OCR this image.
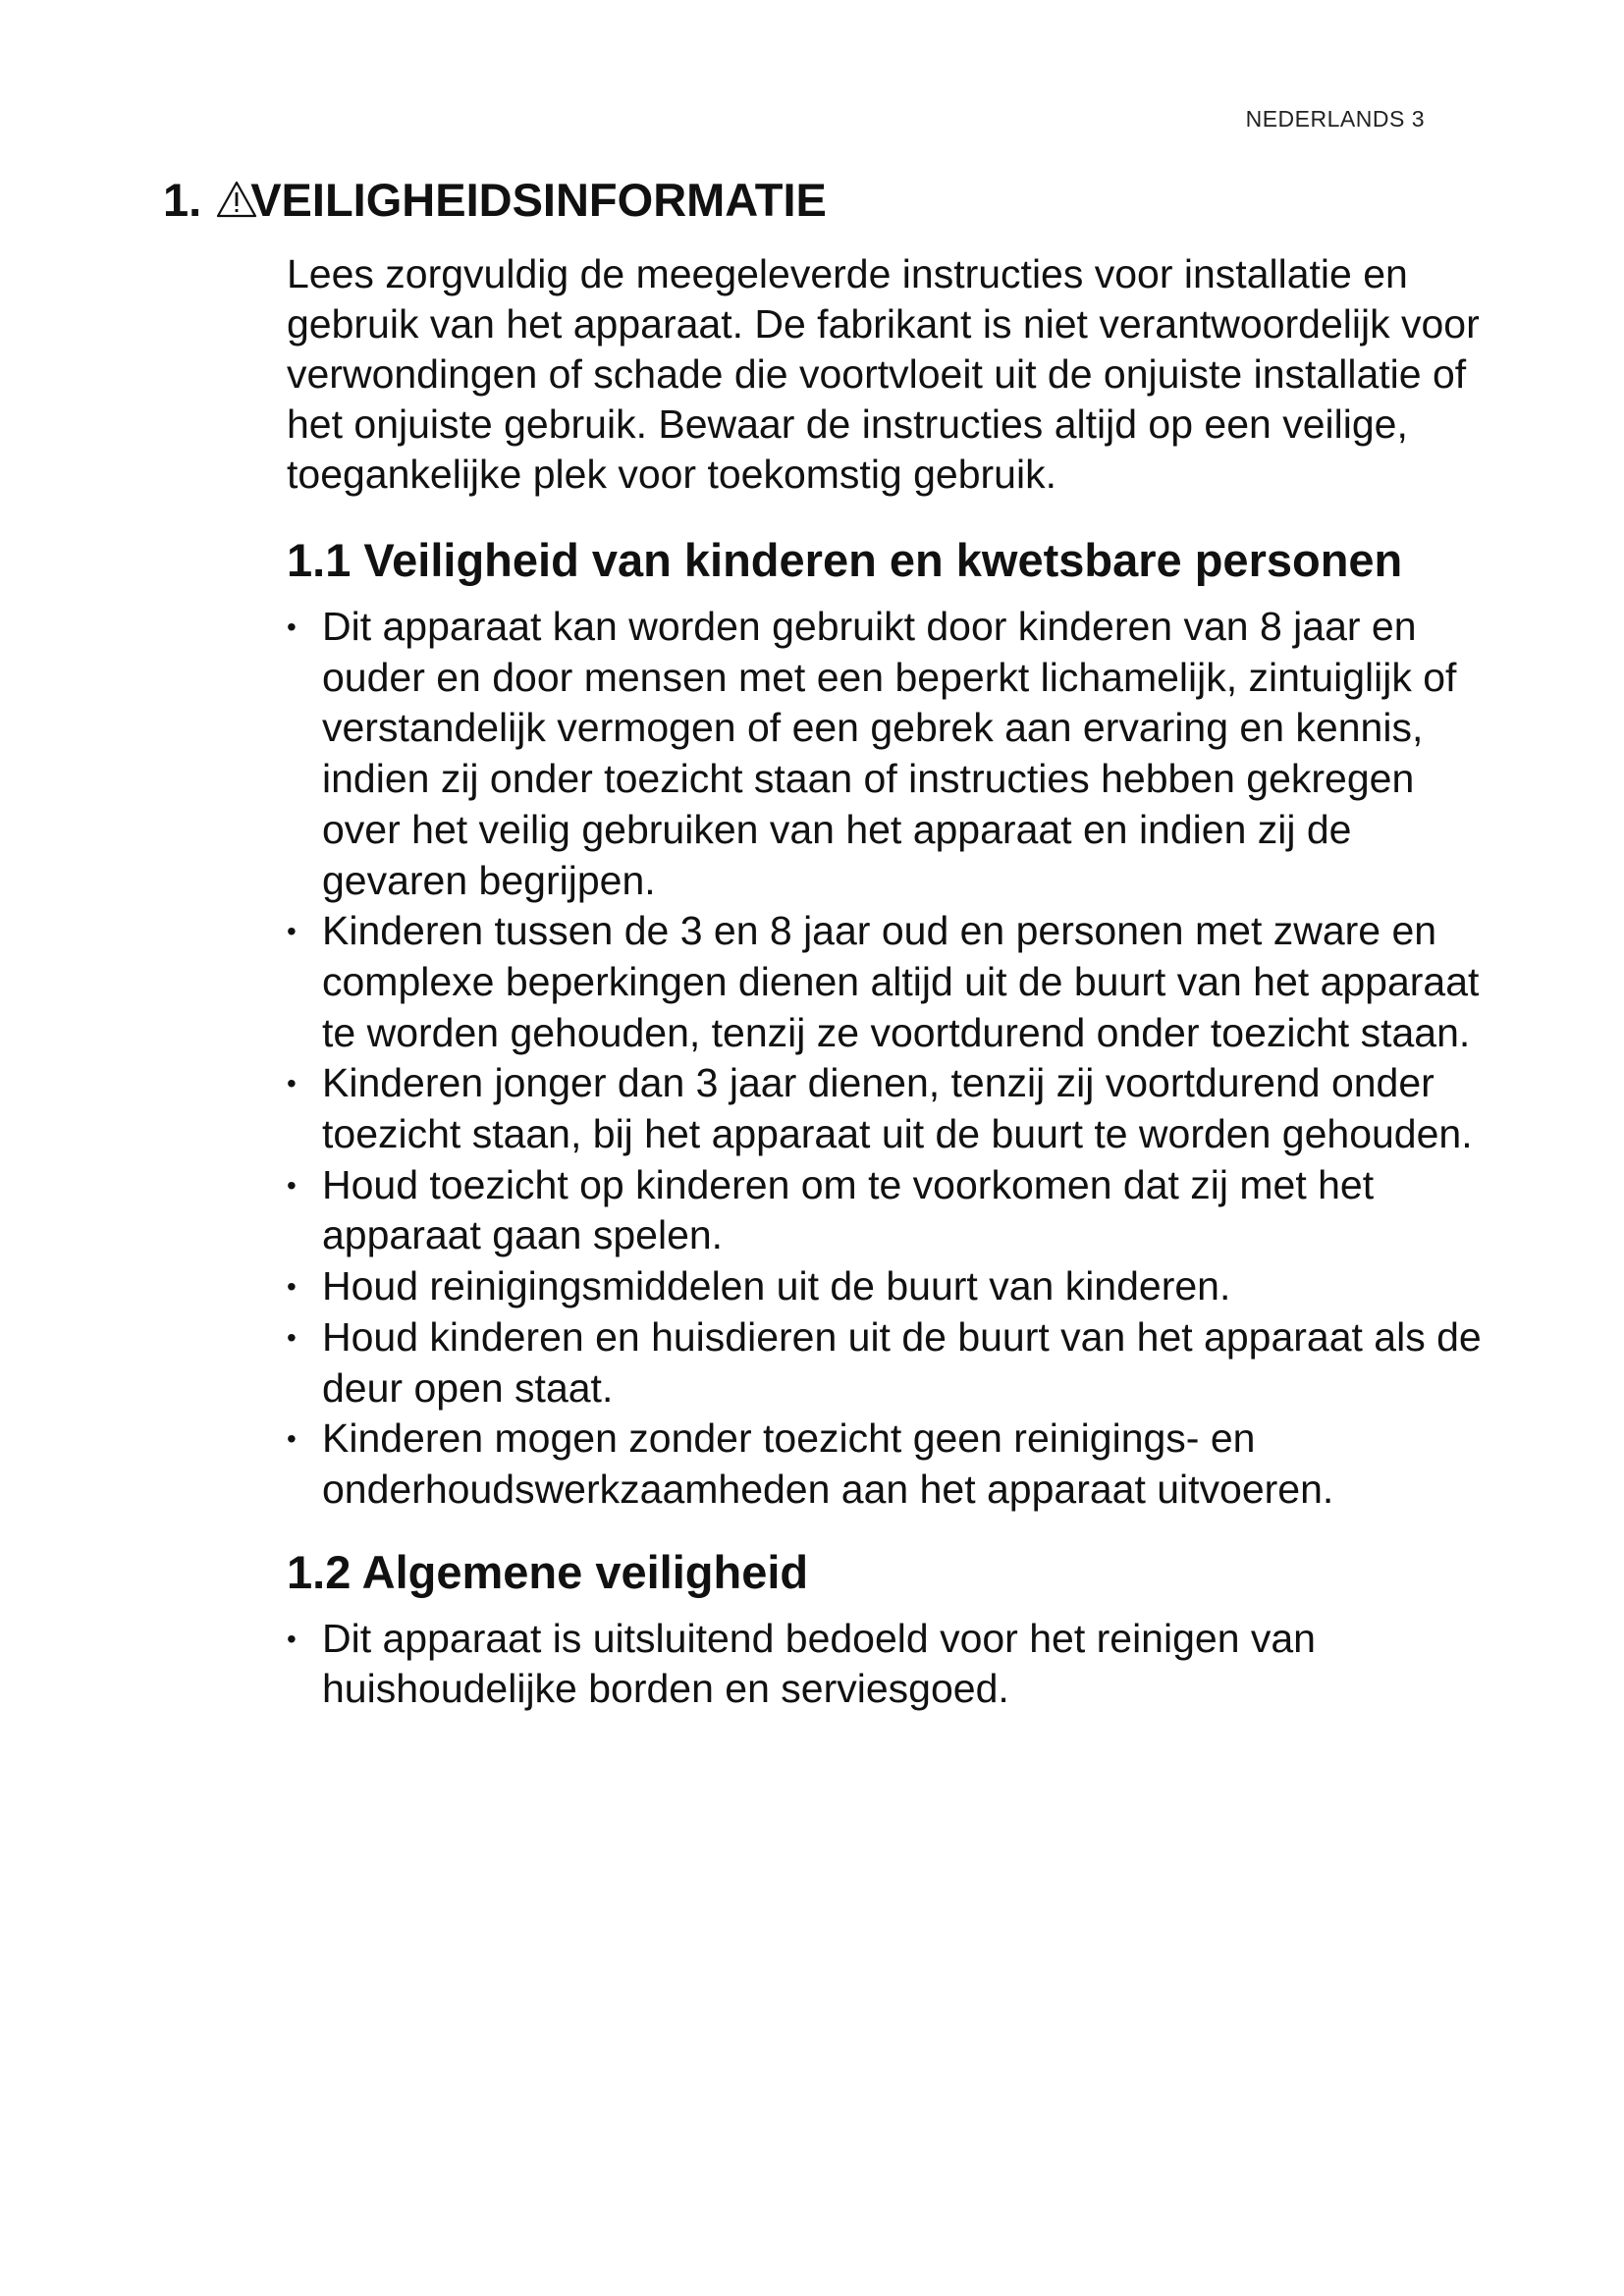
NEDERLANDS 3
1. VEILIGHEIDSINFORMATIE

Lees zorgvuldig de meegeleverde instructies voor installatie en gebruik van het apparaat. De fabrikant is niet verantwoordelijk voor verwondingen of schade die voortvloeit uit de onjuiste installatie of het onjuiste gebruik. Bewaar de instructies altijd op een veilige, toegankelijke plek voor toekomstig gebruik.

1.1 Veiligheid van kinderen en kwetsbare personen
• Dit apparaat kan worden gebruikt door kinderen van 8 jaar en ouder en door mensen met een beperkt lichamelijk, zintuiglijk of verstandelijk vermogen of een gebrek aan ervaring en kennis, indien zij onder toezicht staan of instructies hebben gekregen over het veilig gebruiken van het apparaat en indien zij de gevaren begrijpen.
• Kinderen tussen de 3 en 8 jaar oud en personen met zware en complexe beperkingen dienen altijd uit de buurt van het apparaat te worden gehouden, tenzij ze voortdurend onder toezicht staan.
• Kinderen jonger dan 3 jaar dienen, tenzij zij voortdurend onder toezicht staan, bij het apparaat uit de buurt te worden gehouden.
• Houd toezicht op kinderen om te voorkomen dat zij met het apparaat gaan spelen.
• Houd reinigingsmiddelen uit de buurt van kinderen.
• Houd kinderen en huisdieren uit de buurt van het apparaat als de deur open staat.
• Kinderen mogen zonder toezicht geen reinigings- en onderhoudswerkzaamheden aan het apparaat uitvoeren.
1.2 Algemene veiligheid
• Dit apparaat is uitsluitend bedoeld voor het reinigen van huishoudelijke borden en serviesgoed.
